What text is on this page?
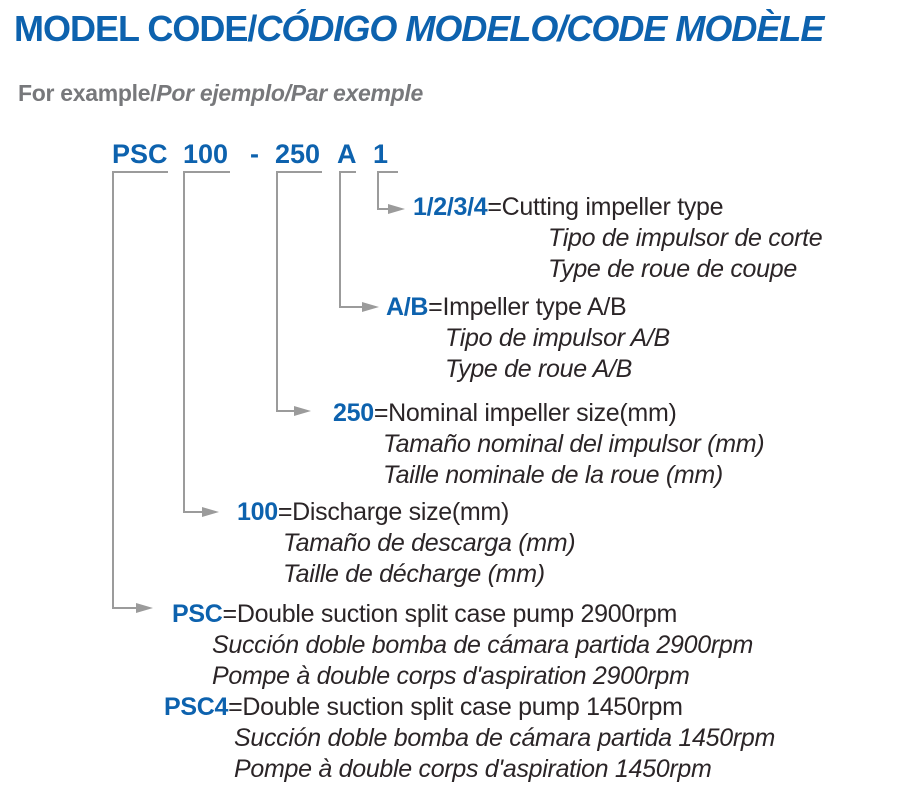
MODEL CODE/CÓDIGO MODELO/CODE MODÈLE
For example/Por ejemplo/Par exemple
PSC 100 - 250 A 1
1/2/3/4=Cutting impeller type
Tipo de impulsor de corte
Type de roue de coupe
A/B=Impeller type A/B
Tipo de impulsor A/B
Type de roue A/B
250=Nominal impeller size(mm)
Tamaño nominal del impulsor (mm)
Taille nominale de la roue (mm)
100=Discharge size(mm)
Tamaño de descarga (mm)
Taille de décharge (mm)
PSC=Double suction split case pump 2900rpm
Succión doble bomba de cámara partida 2900rpm
Pompe à double corps d'aspiration 2900rpm
PSC4=Double suction split case pump 1450rpm
Succión doble bomba de cámara partida 1450rpm
Pompe à double corps d'aspiration 1450rpm
